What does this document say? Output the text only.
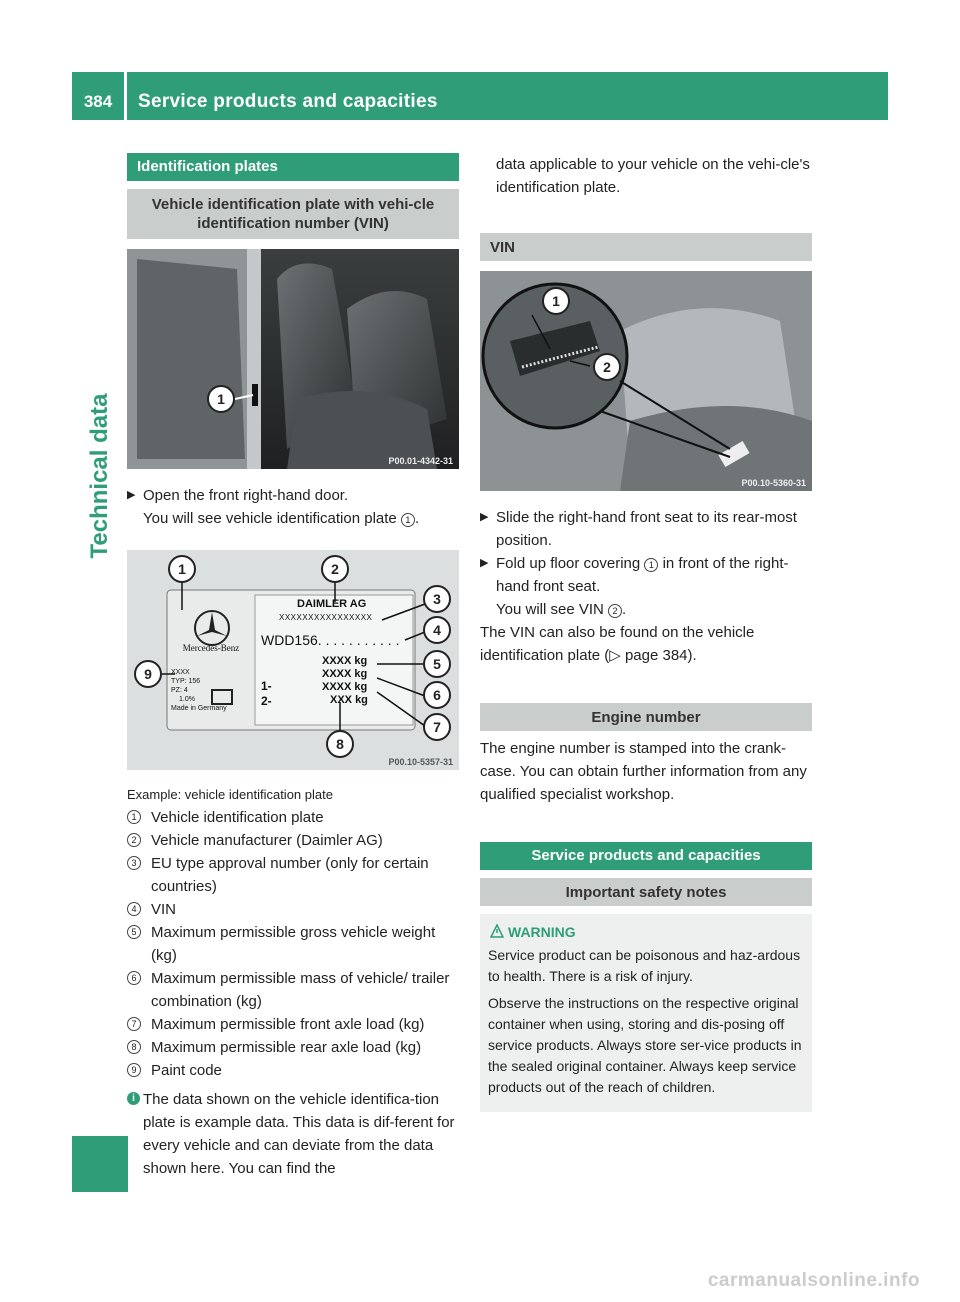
384	Service products and capacities
Technical data
Identification plates
Vehicle identification plate with vehi-cle identification number (VIN)
1
P00.01-4342-31
▶ Open the front right-hand door.
You will see vehicle identification plate 1 .
Mercedes-Benz
DAIMLER AG
XXXXXXXXXXXXXXXX
WDD156. . . . . . . . . . .
XXXX kg
XXXX kg
XXXX kg
XXX kg
1-
2-
XXXX
TYP: 156
PZ: 4
1.0%
Made in Germany
1	2
3
4
5
6
7
8
9
P00.10-5357-31
Example: vehicle identification plate
1 Vehicle identification plate
2 Vehicle manufacturer (Daimler AG)
3 EU type approval number (only for certain countries)
4 VIN
5 Maximum permissible gross vehicle weight (kg)
6 Maximum permissible mass of vehicle/ trailer combination (kg)
7 Maximum permissible front axle load (kg)
8 Maximum permissible rear axle load (kg)
9 Paint code
i The data shown on the vehicle identifica-tion plate is example data. This data is dif-ferent for every vehicle and can deviate from the data shown here. You can find the

data applicable to your vehicle on the vehi-cle's identification plate.

VIN
1
2
P00.10-5360-31
▶ Slide the right-hand front seat to its rear-most position.
▶ Fold up floor covering 1 in front of the right-hand front seat.
You will see VIN 2 .

The VIN can also be found on the vehicle identification plate (▷ page 384).

Engine number

The engine number is stamped into the crank-case. You can obtain further information from any qualified specialist workshop.

Service products and capacities
Important safety notes
WARNING

Service product can be poisonous and haz-ardous to health. There is a risk of injury.

Observe the instructions on the respective original container when using, storing and dis-posing off service products. Always store ser-vice products in the sealed original container. Always keep service products out of the reach of children.

carmanualsonline.info
